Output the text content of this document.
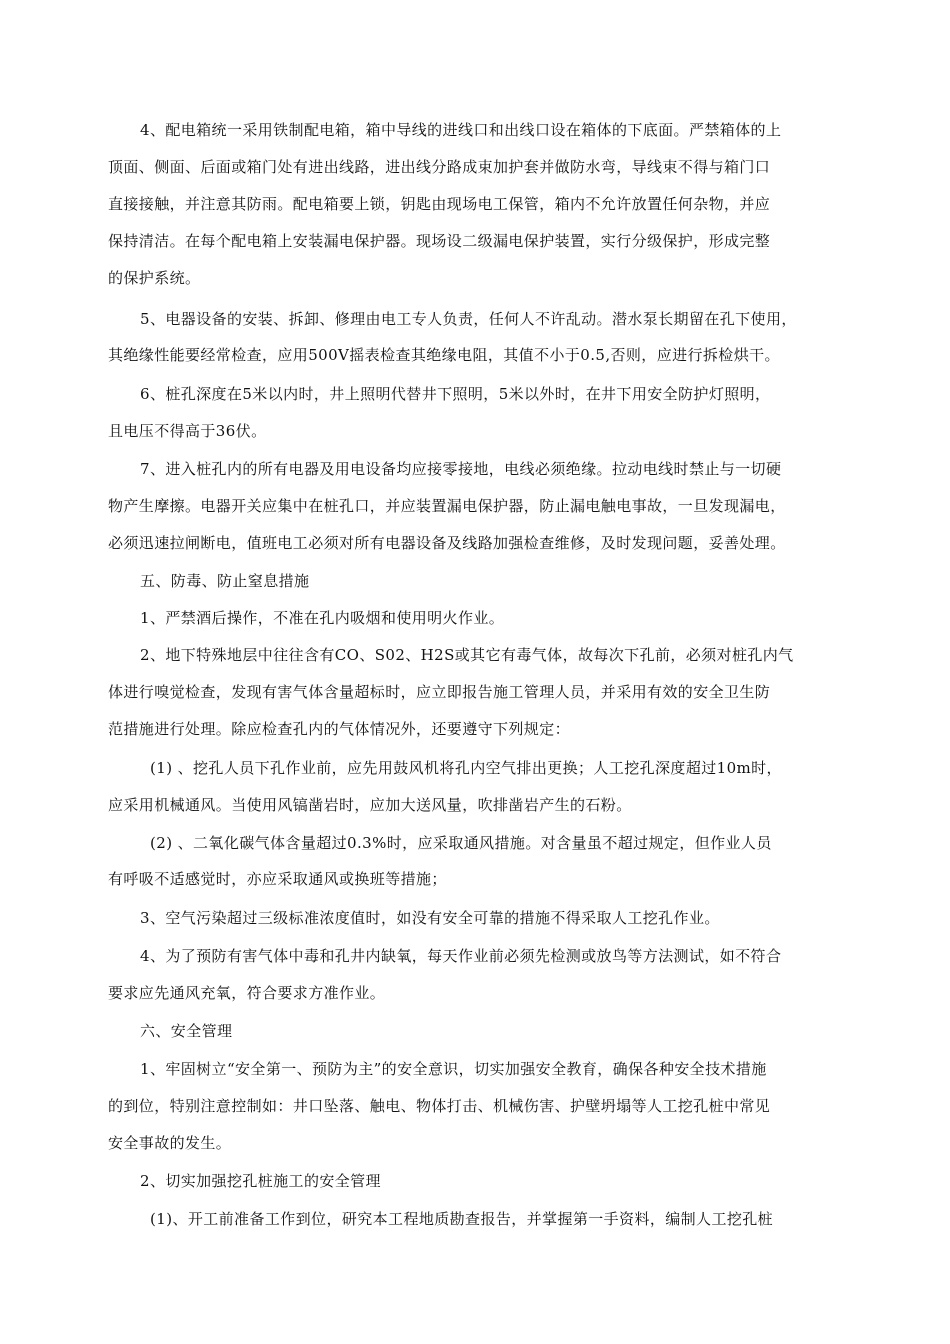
4、配电箱统一采用铁制配电箱，箱中导线的进线口和出线口设在箱体的下底面。严禁箱体的上
顶面、侧面、后面或箱门处有进出线路，进出线分路成束加护套并做防水弯，导线束不得与箱门口
直接接触，并注意其防雨。配电箱要上锁，钥匙由现场电工保管，箱内不允许放置任何杂物，并应
保持清洁。在每个配电箱上安装漏电保护器。现场设二级漏电保护装置，实行分级保护，形成完整
的保护系统。
5、电器设备的安装、拆卸、修理由电工专人负责，任何人不许乱动。潜水泵长期留在孔下使用，
其绝缘性能要经常检查，应用500V摇表检查其绝缘电阻，其值不小于0.5,否则，应进行拆检烘干。
6、桩孔深度在5米以内时，井上照明代替井下照明，5米以外时，在井下用安全防护灯照明，
且电压不得高于36伏。
7、进入桩孔内的所有电器及用电设备均应接零接地，电线必须绝缘。拉动电线时禁止与一切硬
物产生摩擦。电器开关应集中在桩孔口，并应装置漏电保护器，防止漏电触电事故，一旦发现漏电，
必须迅速拉闸断电，值班电工必须对所有电器设备及线路加强检查维修，及时发现问题，妥善处理。
五、防毒、防止窒息措施
1、严禁酒后操作，不准在孔内吸烟和使用明火作业。
2、地下特殊地层中往往含有CO、S02、H2S或其它有毒气体，故每次下孔前，必须对桩孔内气
体进行嗅觉检查，发现有害气体含量超标时，应立即报告施工管理人员，并采用有效的安全卫生防
范措施进行处理。除应检查孔内的气体情况外，还要遵守下列规定：
(1) 、挖孔人员下孔作业前，应先用鼓风机将孔内空气排出更换；人工挖孔深度超过10m时，
应采用机械通风。当使用风镐凿岩时，应加大送风量，吹排凿岩产生的石粉。
(2) 、二氧化碳气体含量超过0.3%时，应采取通风措施。对含量虽不超过规定，但作业人员
有呼吸不适感觉时，亦应采取通风或换班等措施；
3、空气污染超过三级标准浓度值时，如没有安全可靠的措施不得采取人工挖孔作业。
4、为了预防有害气体中毒和孔井内缺氧，每天作业前必须先检测或放鸟等方法测试，如不符合
要求应先通风充氧，符合要求方准作业。
六、安全管理
1、牢固树立“安全第一、预防为主”的安全意识，切实加强安全教育，确保各种安全技术措施
的到位，特别注意控制如：井口坠落、触电、物体打击、机械伤害、护壁坍塌等人工挖孔桩中常见
安全事故的发生。
2、切实加强挖孔桩施工的安全管理
(1)、开工前准备工作到位，研究本工程地质勘查报告，并掌握第一手资料，编制人工挖孔桩
